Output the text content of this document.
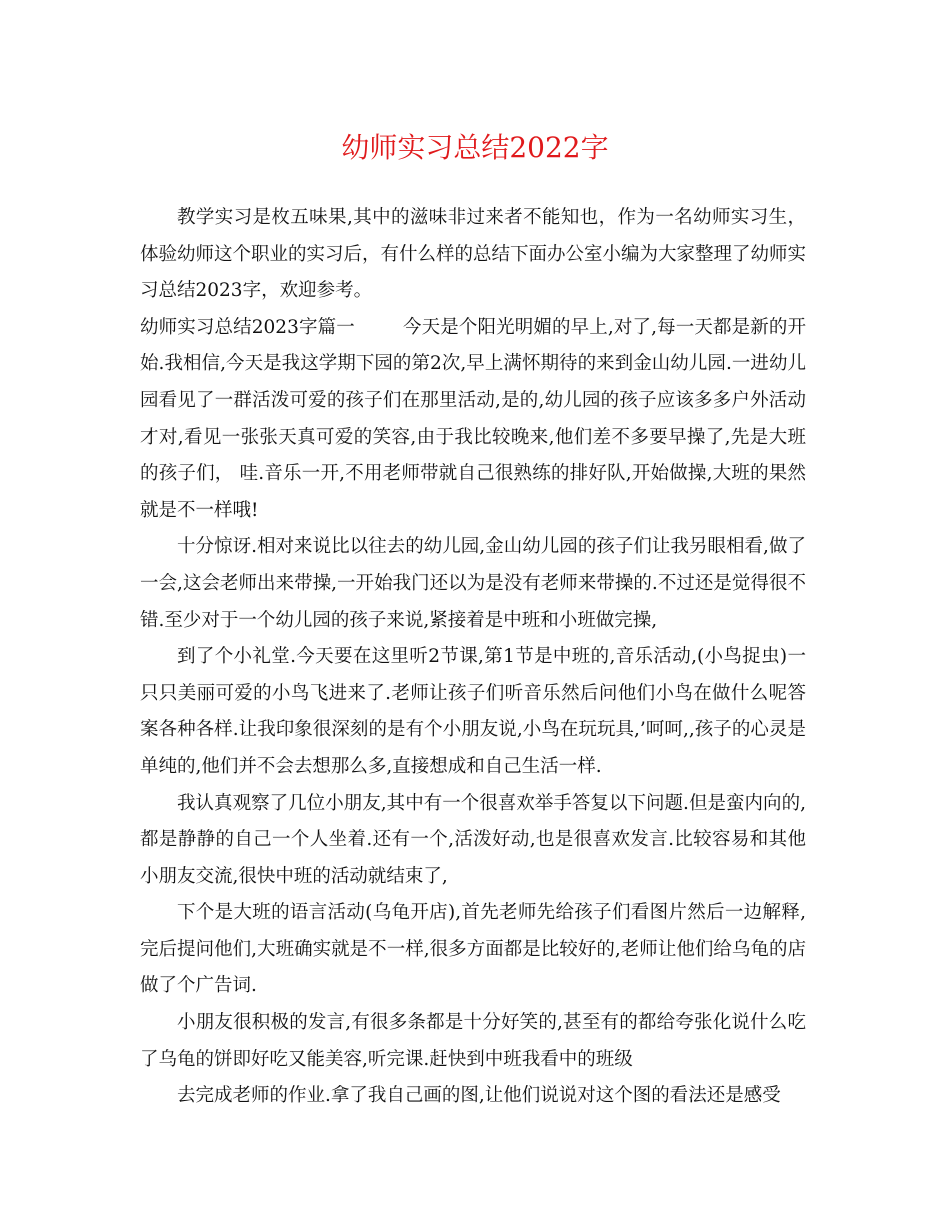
幼师实习总结2022字

教学实习是枚五味果,其中的滋味非过来者不能知也，作为一名幼师实习生，体验幼师这个职业的实习后，有什么样的总结下面办公室小编为大家整理了幼师实习总结2023字，欢迎参考。

幼师实习总结2023字篇一	今天是个阳光明媚的早上,对了,每一天都是新的开始.我相信,今天是我这学期下园的第2次,早上满怀期待的来到金山幼儿园.一进幼儿园看见了一群活泼可爱的孩子们在那里活动,是的,幼儿园的孩子应该多多户外活动才对,看见一张张天真可爱的笑容,由于我比较晚来,他们差不多要早操了,先是大班的孩子们， 哇.音乐一开,不用老师带就自己很熟练的排好队,开始做操,大班的果然就是不一样哦!

十分惊讶.相对来说比以往去的幼儿园,金山幼儿园的孩子们让我另眼相看,做了一会,这会老师出来带操,一开始我门还以为是没有老师来带操的.不过还是觉得很不错.至少对于一个幼儿园的孩子来说,紧接着是中班和小班做完操,

到了个小礼堂.今天要在这里听2节课,第1节是中班的,音乐活动,(小鸟捉虫)一只只美丽可爱的小鸟飞进来了.老师让孩子们听音乐然后问他们小鸟在做什么呢答案各种各样.让我印象很深刻的是有个小朋友说,小鸟在玩玩具,’呵呵,,孩子的心灵是单纯的,他们并不会去想那么多,直接想成和自己生活一样.

我认真观察了几位小朋友,其中有一个很喜欢举手答复以下问题.但是蛮内向的,都是静静的自己一个人坐着.还有一个,活泼好动,也是很喜欢发言.比较容易和其他小朋友交流,很快中班的活动就结束了,

下个是大班的语言活动(乌龟开店),首先老师先给孩子们看图片然后一边解释,完后提问他们,大班确实就是不一样,很多方面都是比较好的,老师让他们给乌龟的店做了个广告词.

小朋友很积极的发言,有很多条都是十分好笑的,甚至有的都给夸张化说什么吃了乌龟的饼即好吃又能美容,听完课.赶快到中班我看中的班级

去完成老师的作业.拿了我自己画的图,让他们说说对这个图的看法还是感受
